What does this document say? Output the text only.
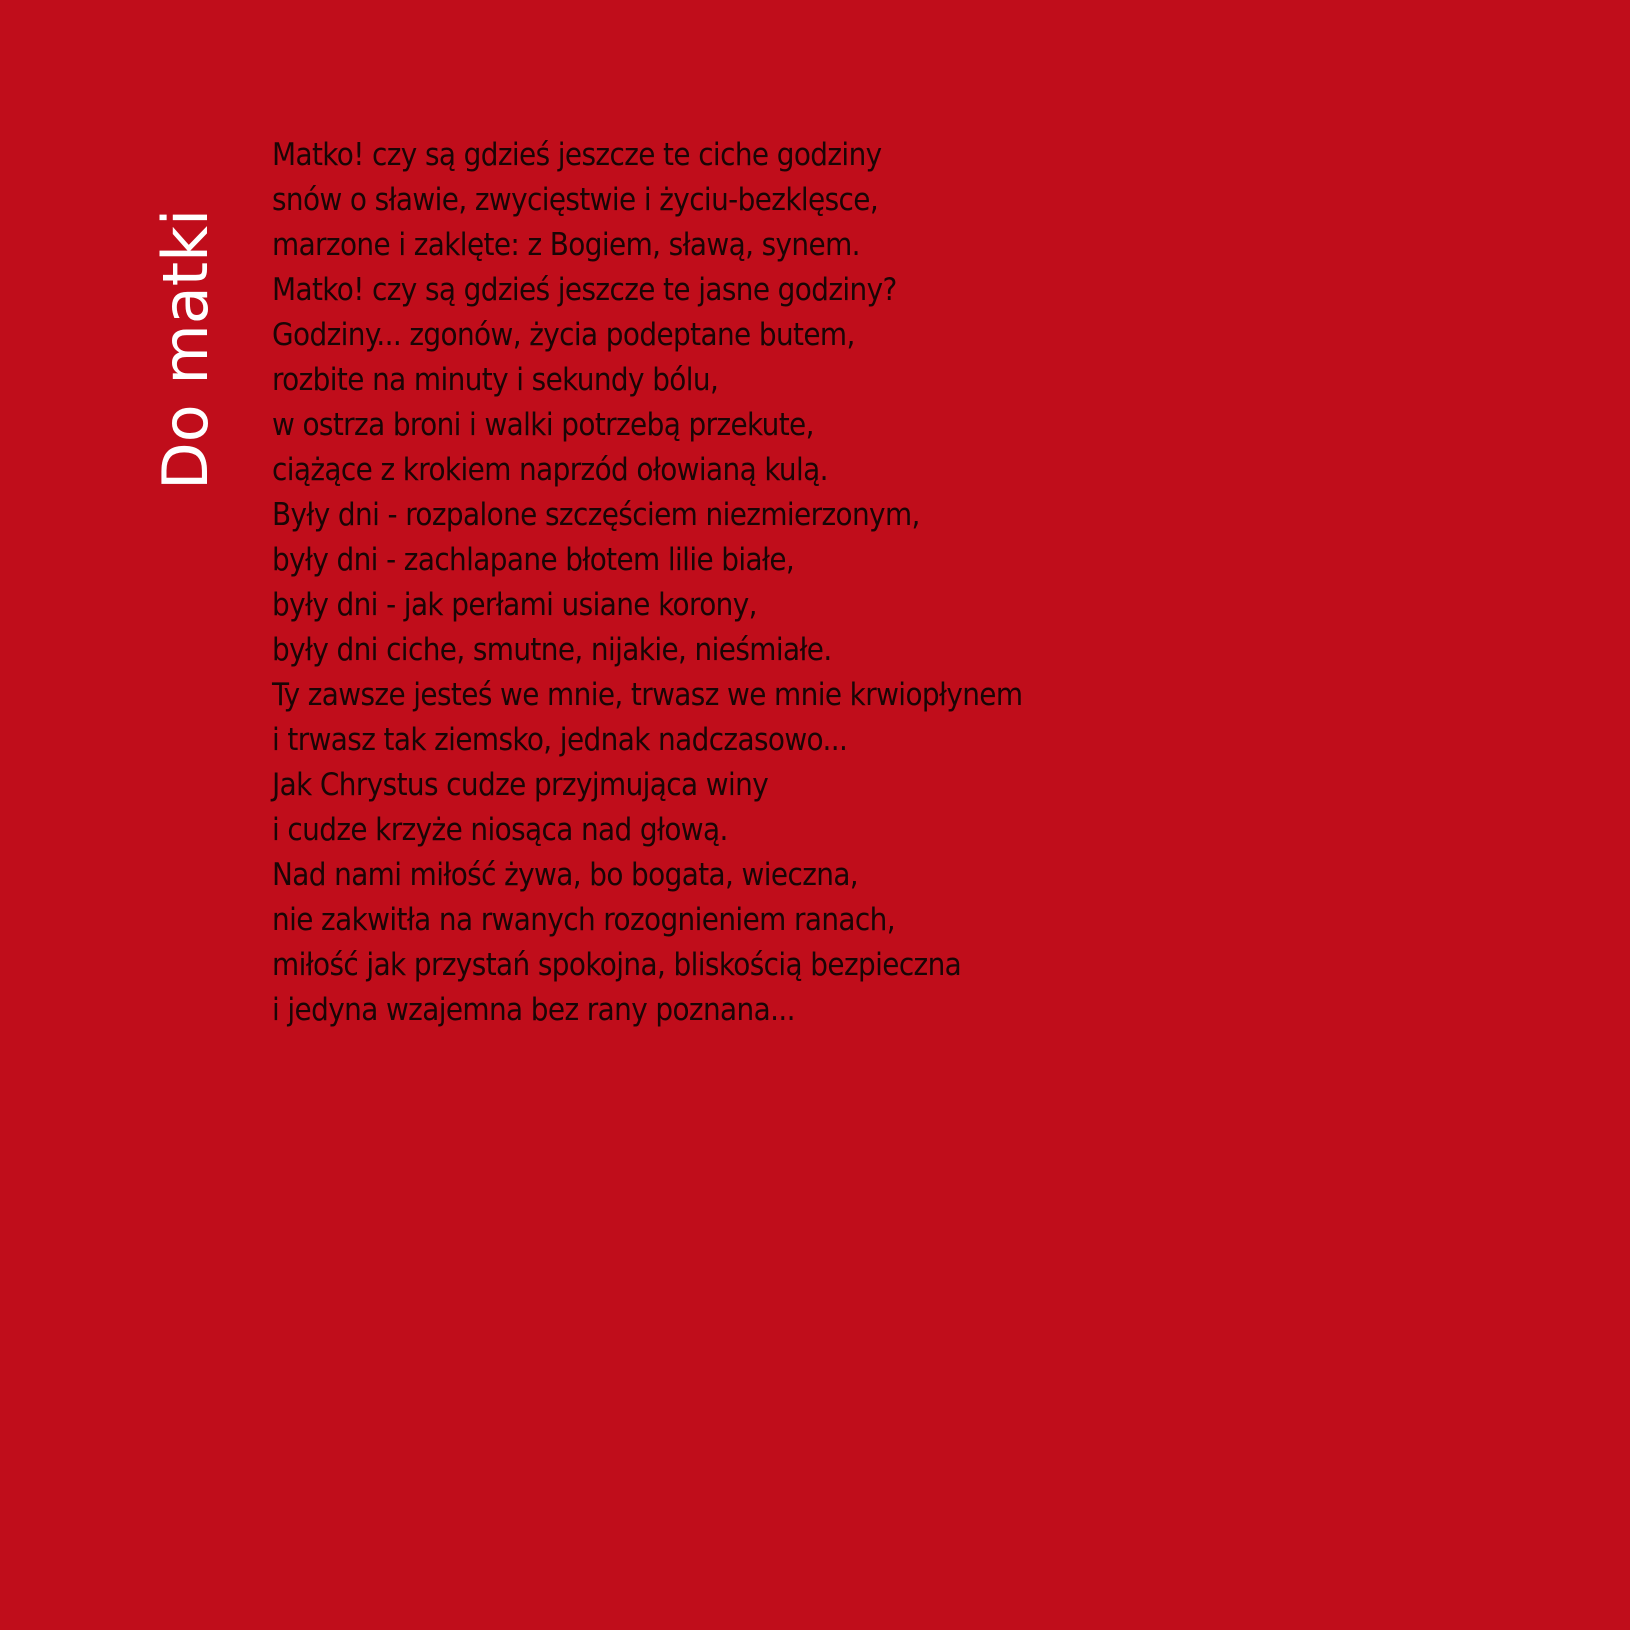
Do matki
Matko! czy są gdzieś jeszcze te ciche godziny
snów o sławie, zwycięstwie i życiu-bezklęsce,
marzone i zaklęte: z Bogiem, sławą, synem.
Matko! czy są gdzieś jeszcze te jasne godziny?
Godziny... zgonów, życia podeptane butem,
rozbite na minuty i sekundy bólu,
w ostrza broni i walki potrzebą przekute,
ciążące z krokiem naprzód ołowianą kulą.
Były dni - rozpalone szczęściem niezmierzonym,
były dni - zachlapane błotem lilie białe,
były dni - jak perłami usiane korony,
były dni ciche, smutne, nijakie, nieśmiałe.
Ty zawsze jesteś we mnie, trwasz we mnie krwiopłynem
i trwasz tak ziemsko, jednak nadczasowo...
Jak Chrystus cudze przyjmująca winy
i cudze krzyże niosąca nad głową.
Nad nami miłość żywa, bo bogata, wieczna,
nie zakwitła na rwanych rozognieniem ranach,
miłość jak przystań spokojna, bliskością bezpieczna
i jedyna wzajemna bez rany poznana...
